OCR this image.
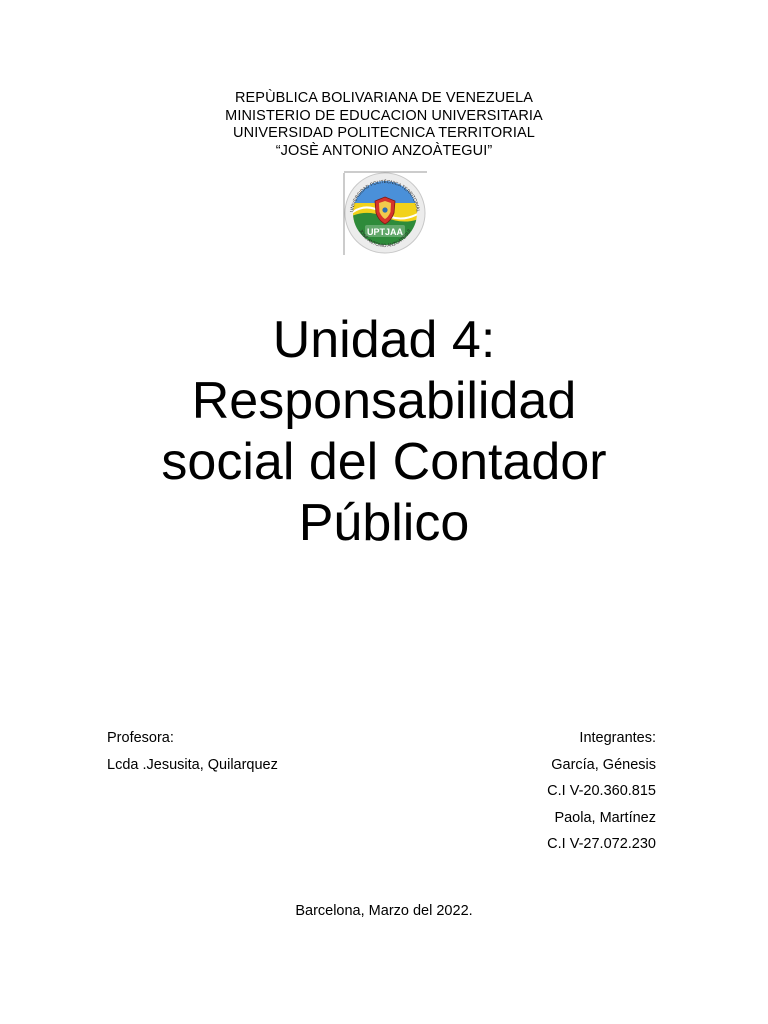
REPÙBLICA BOLIVARIANA DE VENEZUELA
MINISTERIO DE EDUCACION UNIVERSITARIA
UNIVERSIDAD POLITECNICA TERRITORIAL
“JOSÈ ANTONIO ANZOÀTEGUI”
UPTJAA
UNIVERSIDAD POLITÉCNICA TERRITORIAL
JOSÉ ANTONIO ANZOÁTEGUI
Unidad 4:
Responsabilidad
social del Contador
Público
Profesora:
Lcda .Jesusita, Quilarquez
Integrantes:
García, Génesis
C.I V-20.360.815
Paola, Martínez
C.I V-27.072.230
Barcelona, Marzo del 2022.
